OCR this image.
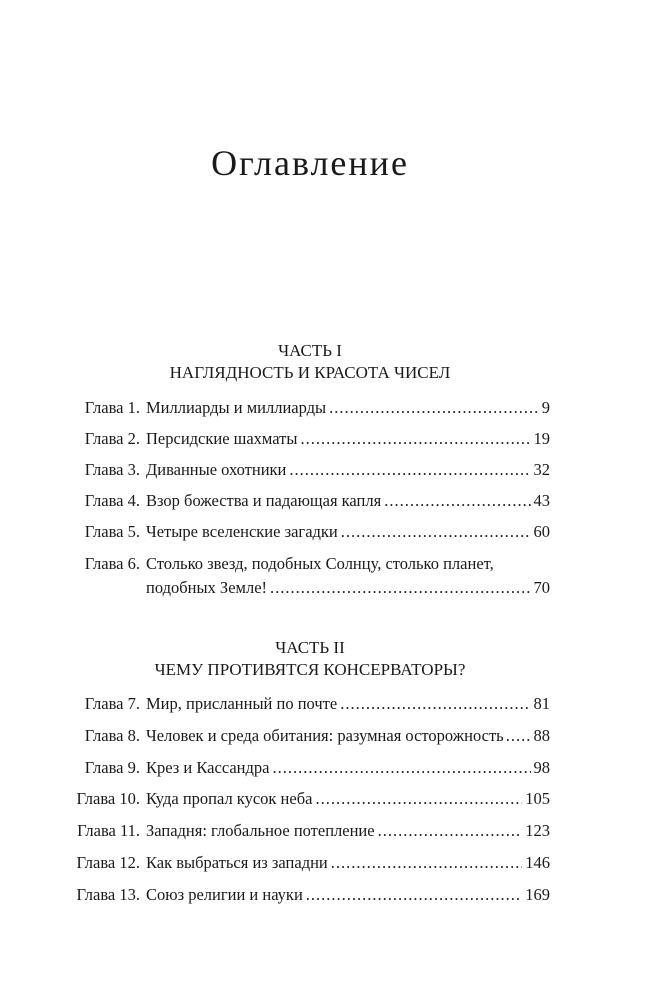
Оглавление
ЧАСТЬ I
НАГЛЯДНОСТЬ И КРАСОТА ЧИСЕЛ
Глава 1. Миллиарды и миллиарды .....	9
Глава 2. Персидские шахматы .....	19
Глава 3. Диванные охотники .....	32
Глава 4. Взор божества и падающая капля .....	43
Глава 5. Четыре вселенские загадки .....	60
Глава 6. Столько звезд, подобных Солнцу, столько планет,
подобных Земле! .....	70
ЧАСТЬ II
ЧЕМУ ПРОТИВЯТСЯ КОНСЕРВАТОРЫ?
Глава 7. Мир, присланный по почте .....	81
Глава 8. Человек и среда обитания: разумная осторожность ..... 88
Глава 9. Крез и Кассандра .....	98
Глава 10. Куда пропал кусок неба .....	105
Глава 11. Западня: глобальное потепление .....	123
Глава 12. Как выбраться из западни .....	146
Глава 13. Союз религии и науки .....	169
